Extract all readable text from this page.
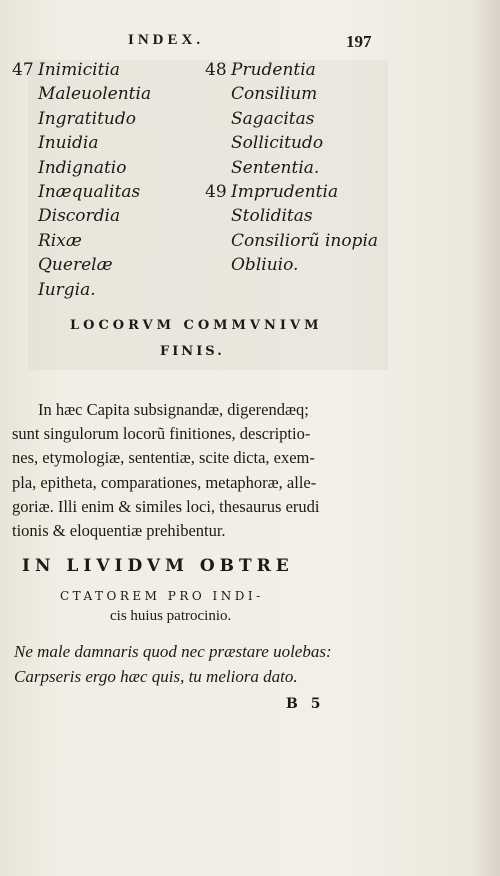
INDEX.	197
47 Inimicitia
Maleuolentia
Ingratitudo
Inuidia
Indignatio
Inæqualitas
Discordia
Rixæ
Querelæ
Iurgia.
48 Prudentia
Consilium
Sagacitas
Sollicitudo
Sententia.
49 Imprudentia
Stoliditas
Consiliorũ inopia
Obliuio.
LOCORVM COMMVNIVM
FINIS.
In hæc Capita subsignandæ, digerendæq;
sunt singulorum locorũ finitiones, descriptio-
nes, etymologiæ, sententiæ, scite dicta, exem-
pla, epitheta, comparationes, metaphoræ, alle-
goriæ. Illi enim & similes loci, thesaurus erudi
tionis & eloquentiæ prehibentur.
IN LIVIDVM OBTRE
CTATOREM PRO INDI-
cis huius patrocinio.
Ne male damnaris quod nec præstare uolebas:
Carpseris ergo hæc quis, tu meliora dato.
B 5
